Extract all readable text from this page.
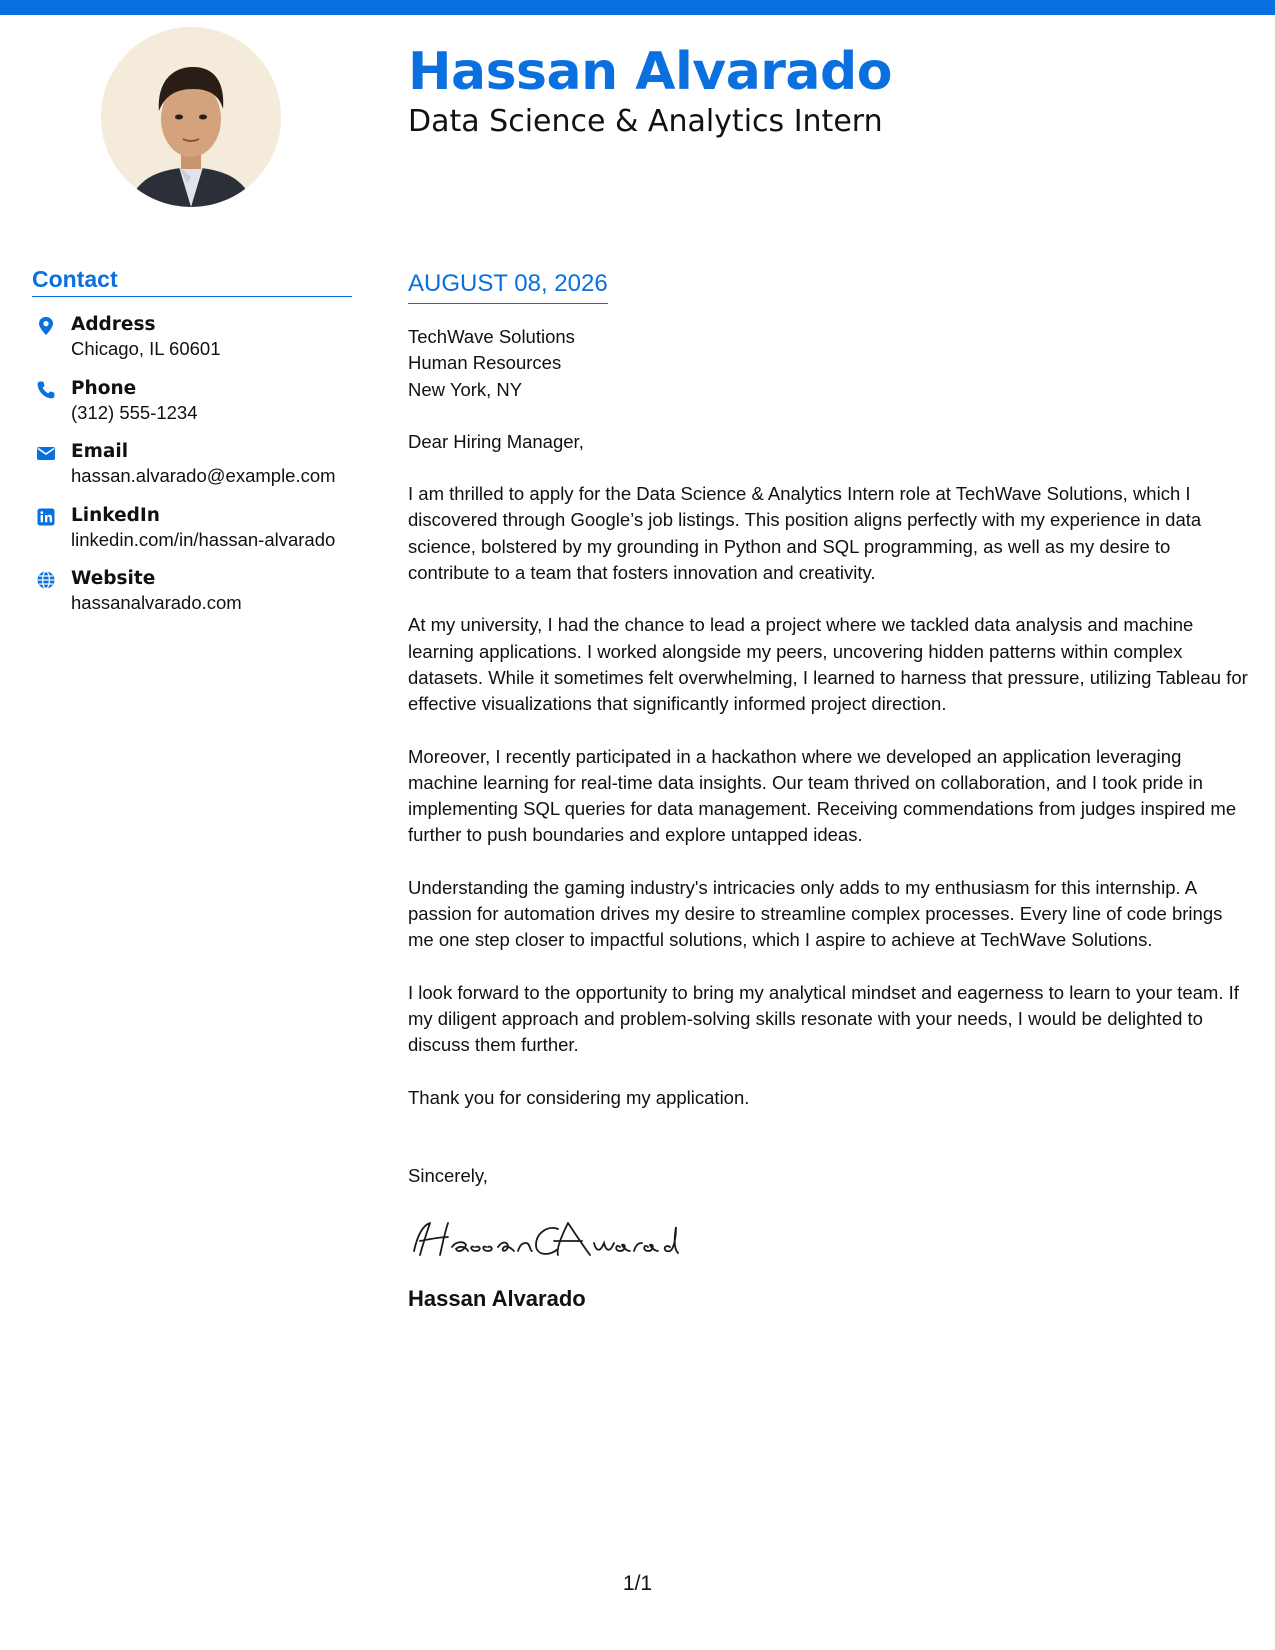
Hassan Alvarado
Data Science & Analytics Intern
Contact
Address
Chicago, IL 60601
Phone
(312) 555-1234
Email
hassan.alvarado@example.com
LinkedIn
linkedin.com/in/hassan-alvarado
Website
hassanalvarado.com
AUGUST 08, 2026
TechWave Solutions
Human Resources
New York, NY

Dear Hiring Manager,

I am thrilled to apply for the Data Science & Analytics Intern role at TechWave Solutions, which I discovered through Google’s job listings. This position aligns perfectly with my experience in data science, bolstered by my grounding in Python and SQL programming, as well as my desire to contribute to a team that fosters innovation and creativity.

At my university, I had the chance to lead a project where we tackled data analysis and machine learning applications. I worked alongside my peers, uncovering hidden patterns within complex datasets. While it sometimes felt overwhelming, I learned to harness that pressure, utilizing Tableau for effective visualizations that significantly informed project direction.

Moreover, I recently participated in a hackathon where we developed an application leveraging machine learning for real-time data insights. Our team thrived on collaboration, and I took pride in implementing SQL queries for data management. Receiving commendations from judges inspired me further to push boundaries and explore untapped ideas.

Understanding the gaming industry's intricacies only adds to my enthusiasm for this internship. A passion for automation drives my desire to streamline complex processes. Every line of code brings me one step closer to impactful solutions, which I aspire to achieve at TechWave Solutions.

I look forward to the opportunity to bring my analytical mindset and eagerness to learn to your team. If my diligent approach and problem-solving skills resonate with your needs, I would be delighted to discuss them further.

Thank you for considering my application.

Sincerely,
Hassan Alvarado
1/1
